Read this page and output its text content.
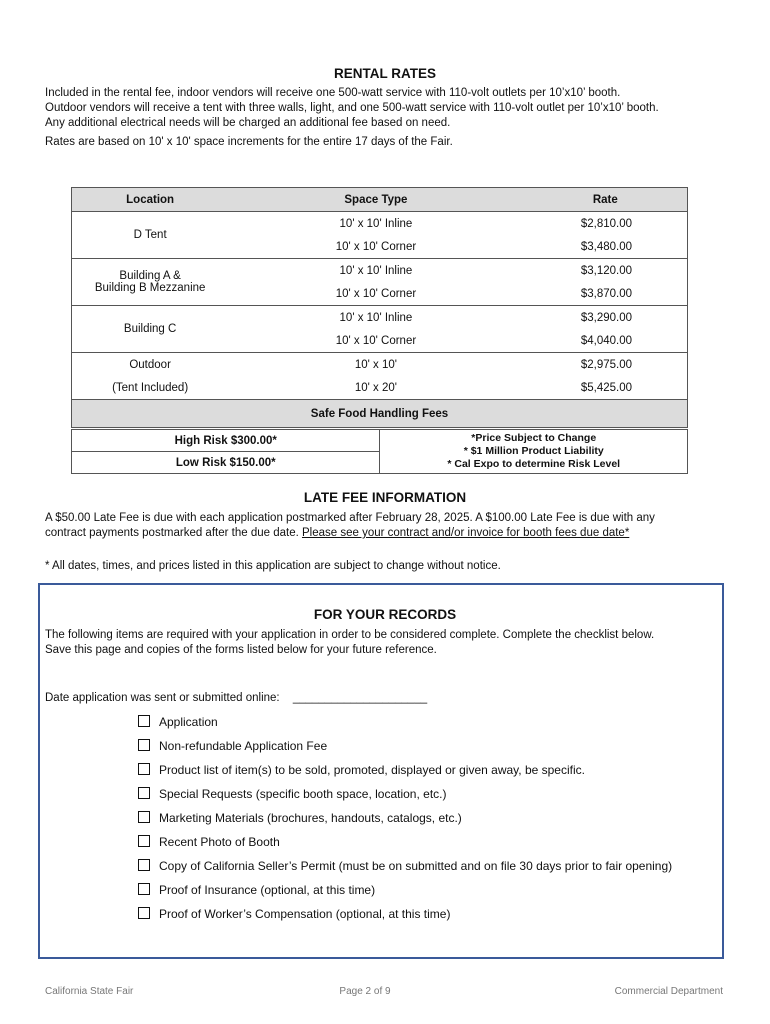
RENTAL RATES
Included in the rental fee, indoor vendors will receive one 500-watt service with 110-volt outlets per 10’x10’ booth.
Outdoor vendors will receive a tent with three walls, light, and one 500-watt service with 110-volt outlet per 10’x10’ booth.
Any additional electrical needs will be charged an additional fee based on need.
Rates are based on 10' x 10' space increments for the entire 17 days of the Fair.
Location	Space Type	Rate
D Tent	10' x 10' Inline	$2,810.00
	10' x 10' Corner	$3,480.00

Building A &
Building B Mezzanine	10' x 10' Inline	$3,120.00
	10' x 10' Corner	$3,870.00
Building C	10' x 10' Inline	$3,290.00
	10' x 10' Corner	$4,040.00
Outdoor	10' x 10'	$2,975.00
(Tent Included)	10' x 20'	$5,425.00
Safe Food Handling Fees		
High Risk $300.00*	*Price Subject to Change
* $1 Million Product Liability
* Cal Expo to determine Risk Level

Low Risk $150.00*
LATE FEE INFORMATION
A $50.00 Late Fee is due with each application postmarked after February 28, 2025. A $100.00 Late Fee is due with any
contract payments postmarked after the due date. Please see your contract and/or invoice for booth fees due date*
* All dates, times, and prices listed in this application are subject to change without notice.
FOR YOUR RECORDS
The following items are required with your application in order to be considered complete. Complete the checklist below.
Save this page and copies of the forms listed below for your future reference.
Date application was sent or submitted online: _____________________
Application
Non-refundable Application Fee
Product list of item(s) to be sold, promoted, displayed or given away, be specific.
Special Requests (specific booth space, location, etc.)
Marketing Materials (brochures, handouts, catalogs, etc.)
Recent Photo of Booth
Copy of California Seller’s Permit (must be on submitted and on file 30 days prior to fair opening)
Proof of Insurance (optional, at this time)
Proof of Worker’s Compensation (optional, at this time)
California State Fair	Page 2 of 9	Commercial Department
